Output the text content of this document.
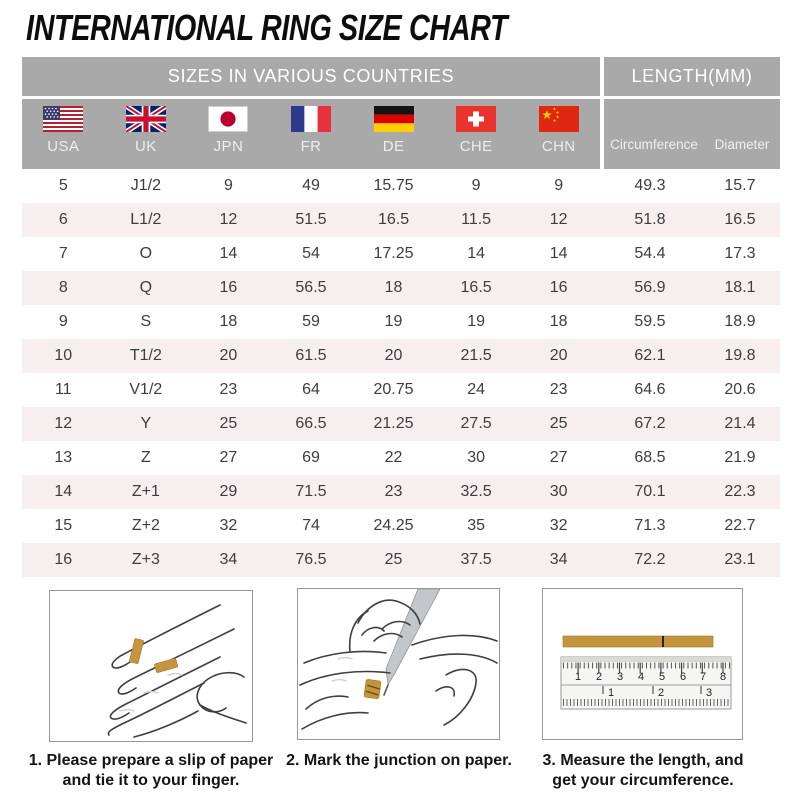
INTERNATIONAL RING SIZE CHART
SIZES IN VARIOUS COUNTRIES
USA	UK	JPN	FR	DE	CHE	CHN
LENGTH(MM)
Circumference	Diameter
5	J1/2	9	49	15.75	9	9	49.3	15.7
6	L1/2	12	51.5	16.5	11.5	12	51.8	16.5
7	O	14	54	17.25	14	14	54.4	17.3
8	Q	16	56.5	18	16.5	16	56.9	18.1
9	S	18	59	19	19	18	59.5	18.9
10	T1/2	20	61.5	20	21.5	20	62.1	19.8
11	V1/2	23	64	20.75	24	23	64.6	20.6
12	Y	25	66.5	21.25	27.5	25	67.2	21.4
13	Z	27	69	22	30	27	68.5	21.9
14	Z+1	29	71.5	23	32.5	30	70.1	22.3
15	Z+2	32	74	24.25	35	32	71.3	22.7
16	Z+3	34	76.5	25	37.5	34	72.2	23.1
1 2 3 4 5 6 7 8
1	2	3
1. Please prepare a slip of paper
and tie it to your finger.
2. Mark the junction on paper.	3. Measure the length, and
get your circumference.
